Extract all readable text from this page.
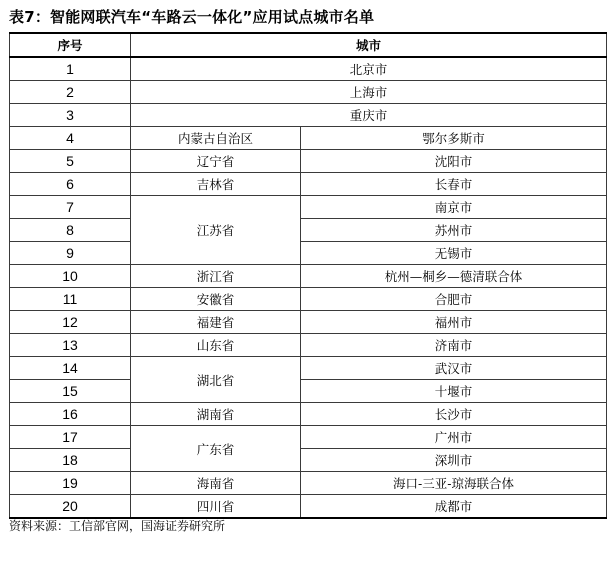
表7：智能网联汽车“车路云一体化”应用试点城市名单
序号	城市	
1	北京市	
2	上海市	
3	重庆市	
4	内蒙古自治区	鄂尔多斯市
5	辽宁省	沈阳市
6	吉林省	长春市
7	江苏省	南京市
8		苏州市
9		无锡市
10	浙江省	杭州—桐乡—德清联合体
11	安徽省	合肥市
12	福建省	福州市
13	山东省	济南市
14	湖北省	武汉市
15		十堰市
16	湖南省	长沙市
17	广东省	广州市
18		深圳市
19	海南省	海口-三亚-琼海联合体
20	四川省	成都市
资料来源：工信部官网，国海证券研究所
